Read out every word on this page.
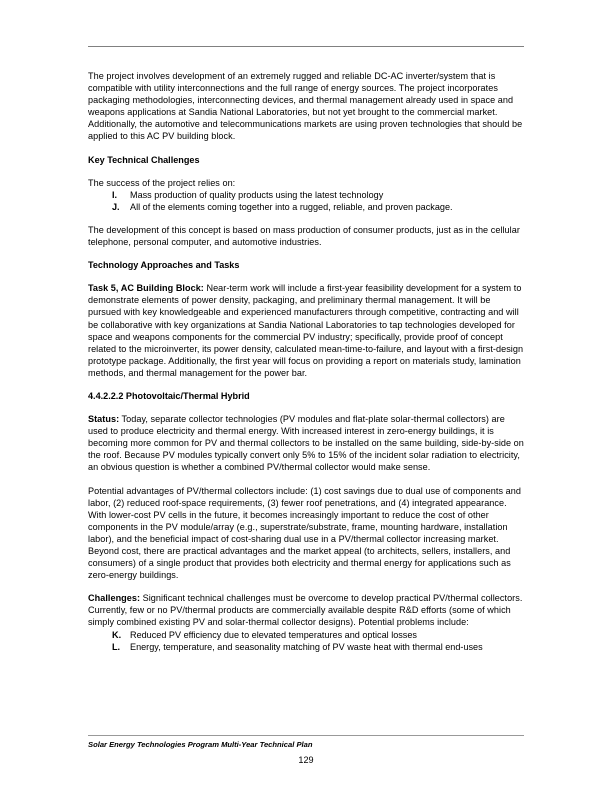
The project involves development of an extremely rugged and reliable DC-AC inverter/system that is compatible with utility interconnections and the full range of energy sources. The project incorporates packaging methodologies, interconnecting devices, and thermal management already used in space and weapons applications at Sandia National Laboratories, but not yet brought to the commercial market. Additionally, the automotive and telecommunications markets are using proven technologies that should be applied to this AC PV building block.

Key Technical Challenges

The success of the project relies on:

I.	Mass production of quality products using the latest technology
J.	All of the elements coming together into a rugged, reliable, and proven package.

The development of this concept is based on mass production of consumer products, just as in the cellular telephone, personal computer, and automotive industries.

Technology Approaches and Tasks

Task 5, AC Building Block: Near-term work will include a first-year feasibility development for a system to demonstrate elements of power density, packaging, and preliminary thermal management. It will be pursued with key knowledgeable and experienced manufacturers through competitive, contracting and will be collaborative with key organizations at Sandia National Laboratories to tap technologies developed for space and weapons components for the commercial PV industry; specifically, provide proof of concept related to the microinverter, its power density, calculated mean-time-to-failure, and layout with a first-design prototype package. Additionally, the first year will focus on providing a report on materials study, lamination methods, and thermal management for the power bar.

4.4.2.2.2 Photovoltaic/Thermal Hybrid

Status: Today, separate collector technologies (PV modules and flat-plate solar-thermal collectors) are used to produce electricity and thermal energy. With increased interest in zero-energy buildings, it is becoming more common for PV and thermal collectors to be installed on the same building, side-by-side on the roof. Because PV modules typically convert only 5% to 15% of the incident solar radiation to electricity, an obvious question is whether a combined PV/thermal collector would make sense.

Potential advantages of PV/thermal collectors include: (1) cost savings due to dual use of components and labor, (2) reduced roof-space requirements, (3) fewer roof penetrations, and (4) integrated appearance. With lower-cost PV cells in the future, it becomes increasingly important to reduce the cost of other components in the PV module/array (e.g., superstrate/substrate, frame, mounting hardware, installation labor), and the beneficial impact of cost-sharing dual use in a PV/thermal collector increasing market. Beyond cost, there are practical advantages and the market appeal (to architects, sellers, installers, and consumers) of a single product that provides both electricity and thermal energy for applications such as zero-energy buildings.

Challenges: Significant technical challenges must be overcome to develop practical PV/thermal collectors. Currently, few or no PV/thermal products are commercially available despite R&D efforts (some of which simply combined existing PV and solar-thermal collector designs). Potential problems include:

K. Reduced PV efficiency due to elevated temperatures and optical losses
L.	Energy, temperature, and seasonality matching of PV waste heat with thermal end-uses
Solar Energy Technologies Program Multi-Year Technical Plan
129
